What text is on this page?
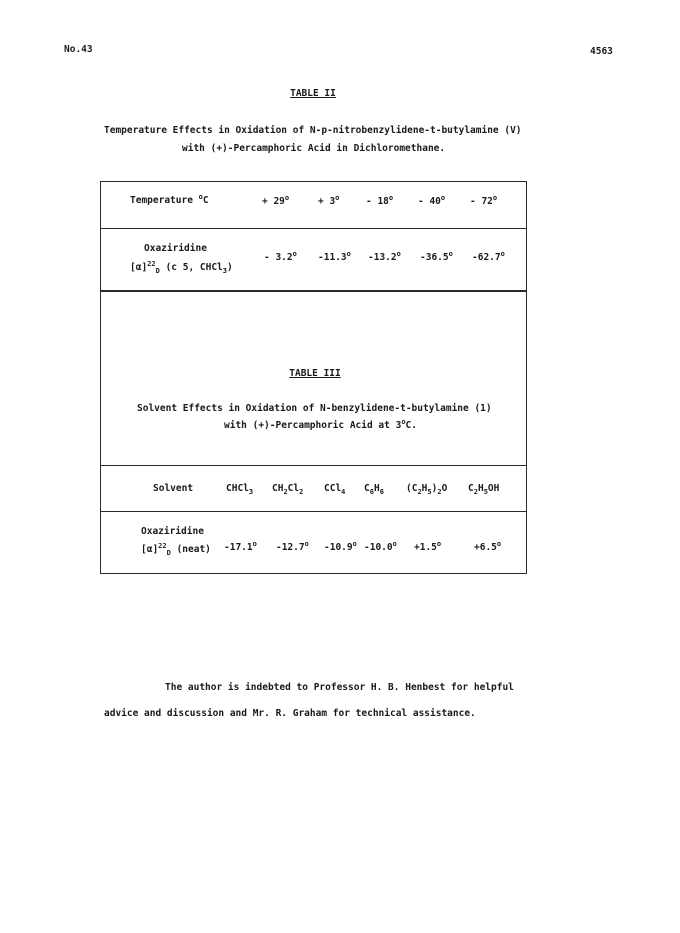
No.43	4563
TABLE II
Temperature Effects in Oxidation of N-p-nitrobenzylidene-t-butylamine (V)
with (+)-Percamphoric Acid in Dichloromethane.
Temperature $^o$C	+ $29^o$	+ $3^o$	- 18$^o$	- 40$^o$	- 72$^o$
Oxaziridine
$[\alpha]^{22}_D$ (c 5, CHCl$_3$)
- 3.2$^o$ -11.3$^o$ -13.2$^o$ -36.5$^o$ -62.7$^o$
TABLE III
Solvent Effects in Oxidation of N-benzylidene-t-butylamine (1)
with (+)-Percamphoric Acid at 3$^o$C.
Solvent	CHCl$_3$ $CH_2Cl_2$ CCl$_4$ $C_6H_6$ $(C_2H_5)_2O$ $C_2H_5OH$
Oxaziridine
$[\alpha]^{22}_D$ (neat) -17.1$^o$ -12.7$^o$ -10.9$^o$ $-10.0^o +1.5^o$	$+6.5^o$
The author is indebted to Professor H. B. Henbest for helpful
advice and discussion and Mr. R. Graham for technical assistance.
